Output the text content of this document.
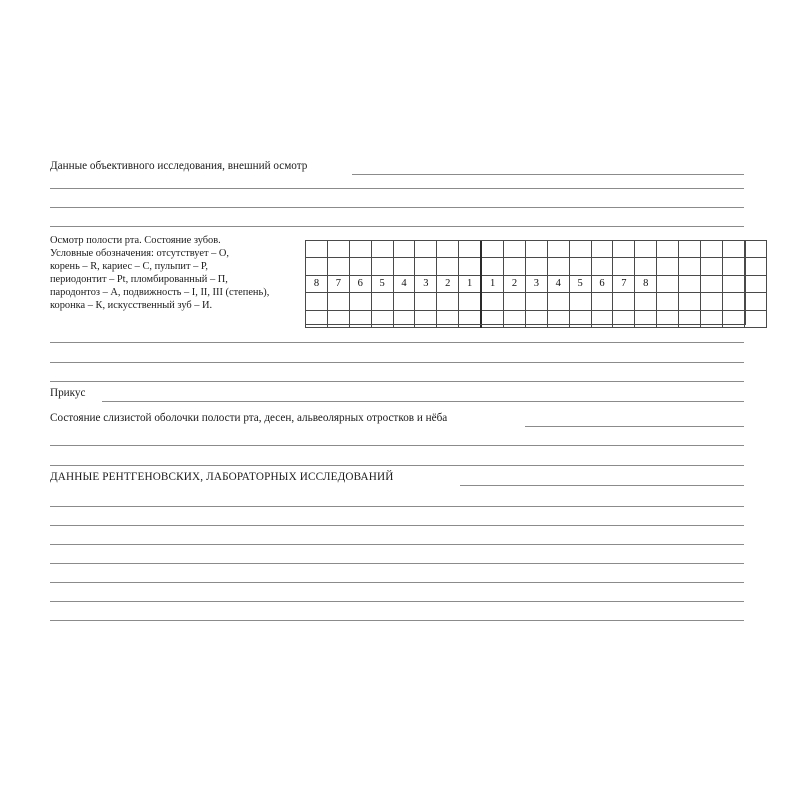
Данные объективного исследования, внешний осмотр
Осмотр полости рта. Состояние зубов.
Условные обозначения: отсутствует – О,
корень – R, кариес – С, пульпит – Р,
периодонтит – Pt, пломбированный – П,
пародонтоз – А, подвижность – I, II, III (степень),
коронка – К, искусственный зуб – И.

8	7	6	5	4	3	2	1	1	2	3	4	5	6	7	8					

Прикус
Состояние слизистой оболочки полости рта, десен, альвеолярных отростков и нёба
ДАННЫЕ РЕНТГЕНОВСКИХ, ЛАБОРАТОРНЫХ ИССЛЕДОВАНИЙ
